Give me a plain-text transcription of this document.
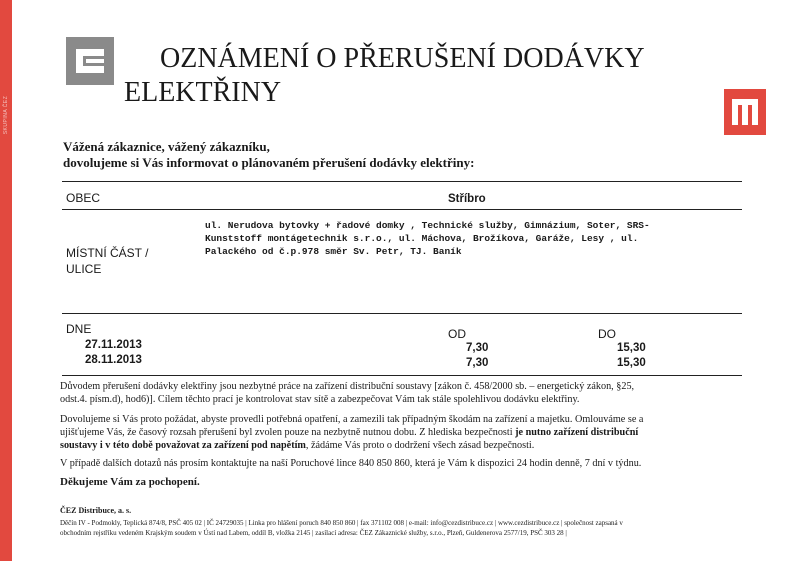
SKUPINA ČEZ
OZNÁMENÍ O PŘERUŠENÍ DODÁVKY
ELEKTŘINY
Vážená zákaznice, vážený zákazníku,
dovolujeme si Vás informovat o plánovaném přerušení dodávky elektřiny:
OBEC	Stříbro
MÍSTNÍ ČÁST /
ULICE
ul. Nerudova bytovky + řadové domky , Technické služby, Gimnázium, Soter, SRS-
Kunststoff montágetechnik s.r.o., ul. Máchova, Brožíkova, Garáže, Lesy , ul.
Palackého od č.p.978 směr Sv. Petr, TJ. Baník
DNE	OD	DO
27.11.2013	7,30	15,30
28.11.2013	7,30	15,30
Důvodem přerušení dodávky elektřiny jsou nezbytné práce na zařízení distribuční soustavy [zákon č. 458/2000 sb. – energetický zákon, §25,
odst.4. písm.d), hod6)]. Cílem těchto prací je kontrolovat stav sítě a zabezpečovat Vám tak stále spolehlivou dodávku elektřiny.
Dovolujeme si Vás proto požádat, abyste provedli potřebná opatření, a zamezili tak případným škodám na zařízení a majetku. Omlouváme se a
ujišťujeme Vás, že časový rozsah přerušení byl zvolen pouze na nezbytně nutnou dobu. Z hlediska bezpečnosti je nutno zařízení distribuční
soustavy i v této době považovat za zařízení pod napětím, žádáme Vás proto o dodržení všech zásad bezpečnosti.
V případě dalších dotazů nás prosím kontaktujte na naší Poruchové lince 840 850 860, která je Vám k dispozici 24 hodin denně, 7 dní v týdnu.
Děkujeme Vám za pochopení.
ČEZ Distribuce, a. s.
Děčín IV - Podmokly, Teplická 874/8, PSČ 405 02 | IČ 24729035 | Linka pro hlášení poruch 840 850 860 | fax 371102 008 | e-mail: info@cezdistribuce.cz | www.cezdistribuce.cz | společnost zapsaná v
obchodním rejstříku vedeném Krajským soudem v Ústí nad Labem, oddíl B, vložka 2145 | zasílací adresa: ČEZ Zákaznické služby, s.r.o., Plzeň, Guldenerova 2577/19, PSČ 303 28 |
